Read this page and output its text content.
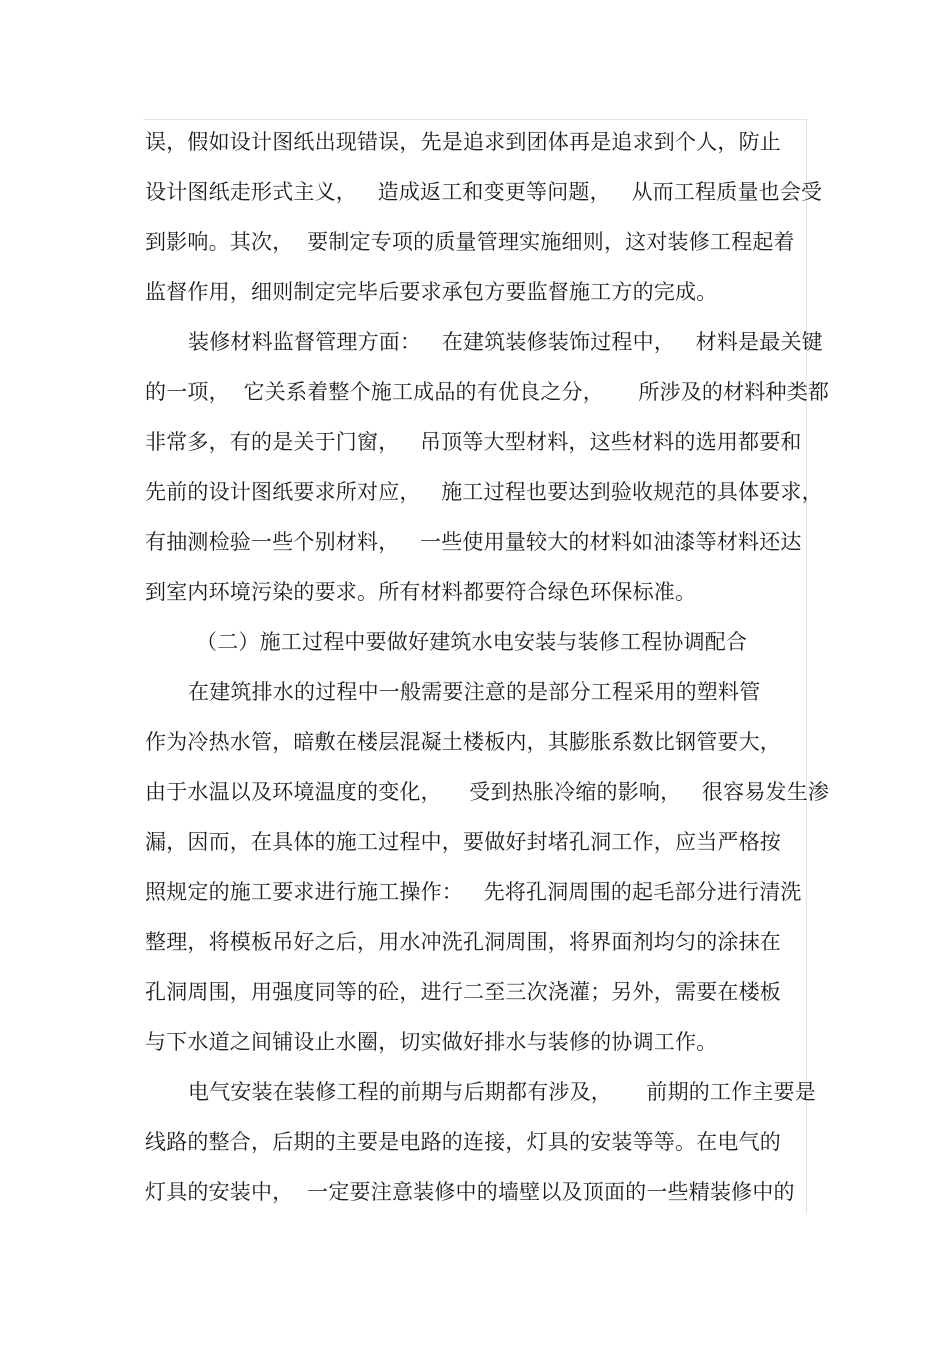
误，假如设计图纸出现错误，先是追求到团体再是追求到个人，防止
设计图纸走形式主义，   造成返工和变更等问题，   从而工程质量也会受
到影响。其次，  要制定专项的质量管理实施细则，这对装修工程起着
监督作用，细则制定完毕后要求承包方要监督施工方的完成。
装修材料监督管理方面：   在建筑装修装饰过程中，   材料是最关键
的一项，  它关系着整个施工成品的有优良之分，     所涉及的材料种类都
非常多，有的是关于门窗，   吊顶等大型材料，这些材料的选用都要和
先前的设计图纸要求所对应，   施工过程也要达到验收规范的具体要求，
有抽测检验一些个别材料，   一些使用量较大的材料如油漆等材料还达
到室内环境污染的要求。所有材料都要符合绿色环保标准。
（二）施工过程中要做好建筑水电安装与装修工程协调配合
在建筑排水的过程中一般需要注意的是部分工程采用的塑料管
作为冷热水管，暗敷在楼层混凝土楼板内，其膨胀系数比钢管要大，
由于水温以及环境温度的变化，    受到热胀冷缩的影响，   很容易发生渗
漏，因而，在具体的施工过程中，要做好封堵孔洞工作，应当严格按
照规定的施工要求进行施工操作：   先将孔洞周围的起毛部分进行清洗
整理，将模板吊好之后，用水冲洗孔洞周围，将界面剂均匀的涂抹在
孔洞周围，用强度同等的砼，进行二至三次浇灌；另外，需要在楼板
与下水道之间铺设止水圈，切实做好排水与装修的协调工作。
电气安装在装修工程的前期与后期都有涉及，     前期的工作主要是
线路的整合，后期的主要是电路的连接，灯具的安装等等。在电气的
灯具的安装中，  一定要注意装修中的墙壁以及顶面的一些精装修中的
